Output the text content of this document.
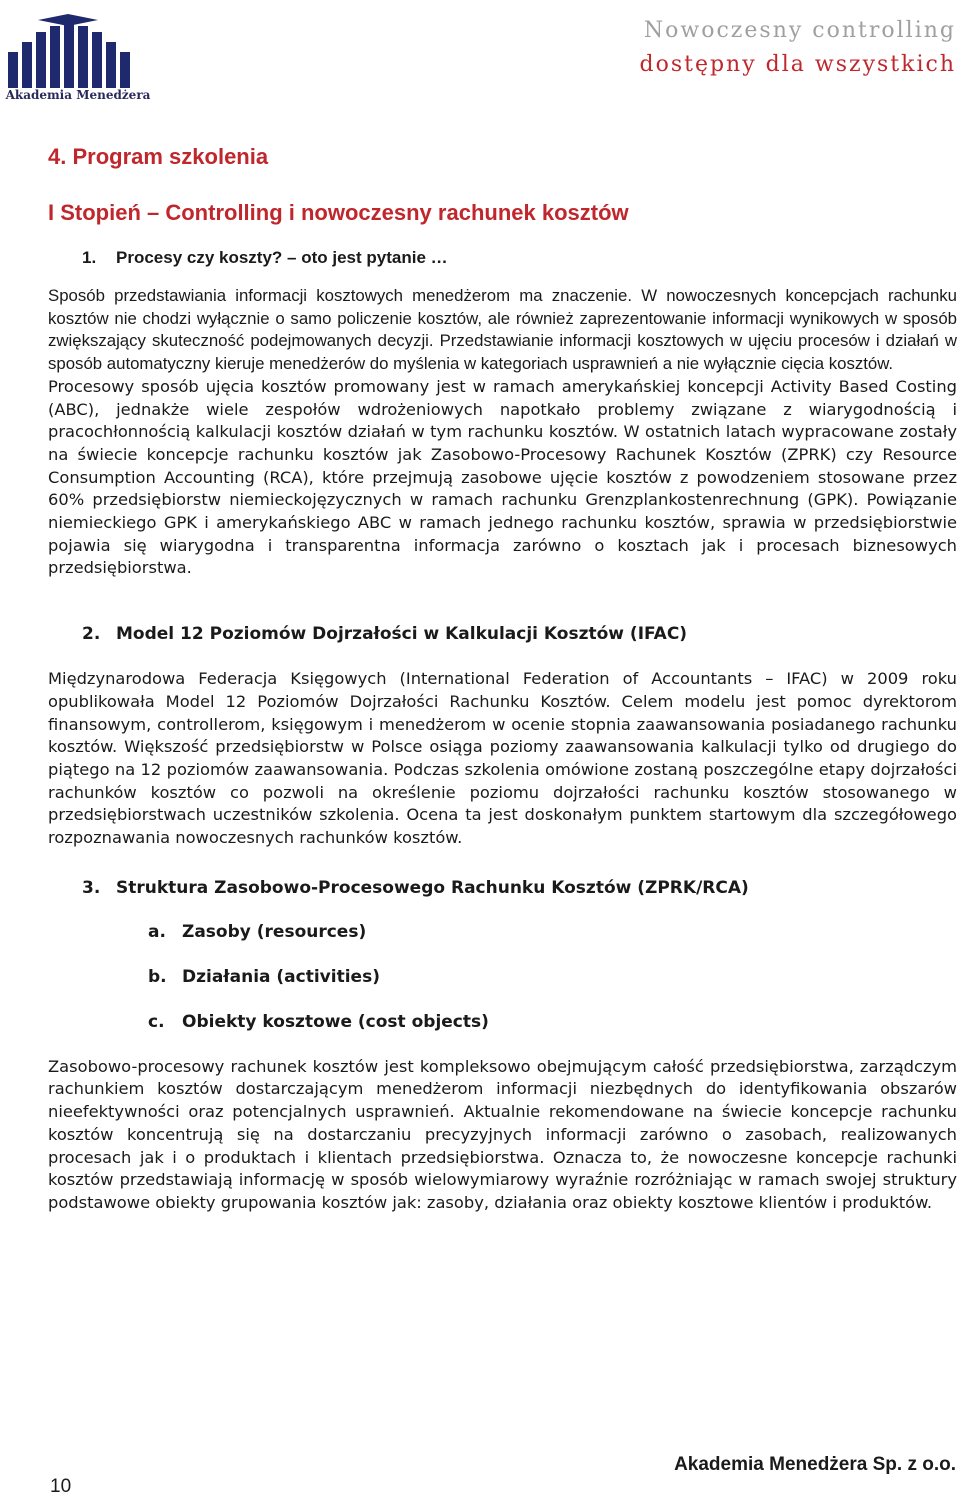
Akademia Menedżera
Nowoczesny controlling
dostępny dla wszystkich
4. Program szkolenia
I Stopień – Controlling i nowoczesny rachunek kosztów
1. Procesy czy koszty? – oto jest pytanie …

Sposób przedstawiania informacji kosztowych menedżerom ma znaczenie. W nowoczesnych koncepcjach rachunku kosztów nie chodzi wyłącznie o samo policzenie kosztów, ale również zaprezentowanie informacji wynikowych w sposób zwiększający skuteczność podejmowanych decyzji. Przedstawianie informacji kosztowych w ujęciu procesów i działań w sposób automatyczny kieruje menedżerów do myślenia w kategoriach usprawnień a nie wyłącznie cięcia kosztów.

Procesowy sposób ujęcia kosztów promowany jest w ramach amerykańskiej koncepcji Activity Based Costing (ABC), jednakże wiele zespołów wdrożeniowych napotkało problemy związane z wiarygodnością i pracochłonnością kalkulacji kosztów działań w tym rachunku kosztów. W ostatnich latach wypracowane zostały na świecie koncepcje rachunku kosztów jak Zasobowo-Procesowy Rachunek Kosztów (ZPRK) czy Resource Consumption Accounting (RCA), które przejmują zasobowe ujęcie kosztów z powodzeniem stosowane przez 60% przedsiębiorstw niemieckojęzycznych w ramach rachunku Grenzplankostenrechnung (GPK). Powiązanie niemieckiego GPK i amerykańskiego ABC w ramach jednego rachunku kosztów, sprawia w przedsiębiorstwie pojawia się wiarygodna i transparentna informacja zarówno o kosztach jak i procesach biznesowych przedsiębiorstwa.

2. Model 12 Poziomów Dojrzałości w Kalkulacji Kosztów (IFAC)

Międzynarodowa Federacja Księgowych (International Federation of Accountants – IFAC) w 2009 roku opublikowała Model 12 Poziomów Dojrzałości Rachunku Kosztów. Celem modelu jest pomoc dyrektorom finansowym, controllerom, księgowym i menedżerom w ocenie stopnia zaawansowania posiadanego rachunku kosztów. Większość przedsiębiorstw w Polsce osiąga poziomy zaawansowania kalkulacji tylko od drugiego do piątego na 12 poziomów zaawansowania. Podczas szkolenia omówione zostaną poszczególne etapy dojrzałości rachunków kosztów co pozwoli na określenie poziomu dojrzałości rachunku kosztów stosowanego w przedsiębiorstwach uczestników szkolenia. Ocena ta jest doskonałym punktem startowym dla szczegółowego rozpoznawania nowoczesnych rachunków kosztów.

3. Struktura Zasobowo-Procesowego Rachunku Kosztów (ZPRK/RCA)
a. Zasoby (resources)
b. Działania (activities)
c. Obiekty kosztowe (cost objects)

Zasobowo-procesowy rachunek kosztów jest kompleksowo obejmującym całość przedsiębiorstwa, zarządczym rachunkiem kosztów dostarczającym menedżerom informacji niezbędnych do identyfikowania obszarów nieefektywności oraz potencjalnych usprawnień. Aktualnie rekomendowane na świecie koncepcje rachunku kosztów koncentrują się na dostarczaniu precyzyjnych informacji zarówno o zasobach, realizowanych procesach jak i o produktach i klientach przedsiębiorstwa. Oznacza to, że nowoczesne koncepcje rachunki kosztów przedstawiają informację w sposób wielowymiarowy wyraźnie rozróżniając w ramach swojej struktury podstawowe obiekty grupowania kosztów jak: zasoby, działania oraz obiekty kosztowe klientów i produktów.

10
Akademia Menedżera Sp. z o.o.
